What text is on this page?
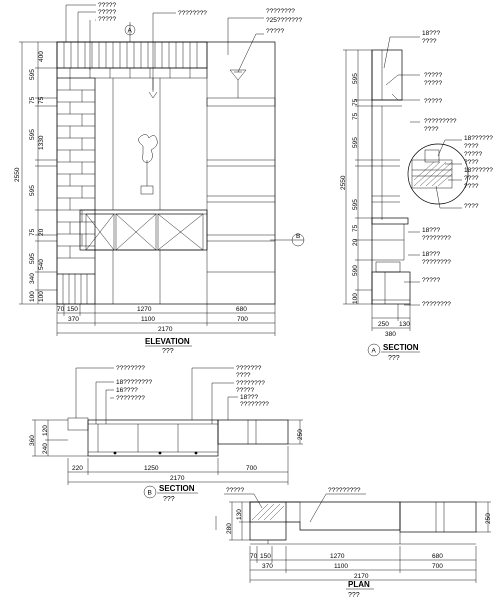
?????
?????
?????
????????	????????
?25???????
?????
A
B
400
595
75 75
595
1330
595
2550
75 20
595
540
340
100 100
70 150	1270	680
370	1100	700
2170
ELEVATION
???
18???
????
?????
?????
?????
?????????
????
18??????
????
?????
????
18??????
????
????
????
18???
????????
18???
????????
?????
????????
595
75
75
595
2550
595
75
20
590
100
250 130
380
A SECTION
???
????????
18????????
16????
????????
???????
????
????????
?????
18???
????????
360
240
120	250
220	1250	700
2170
B SECTION
???
?????	?????????
130
280
250
70 150	1270	680
370	1100	700
2170
PLAN
???
